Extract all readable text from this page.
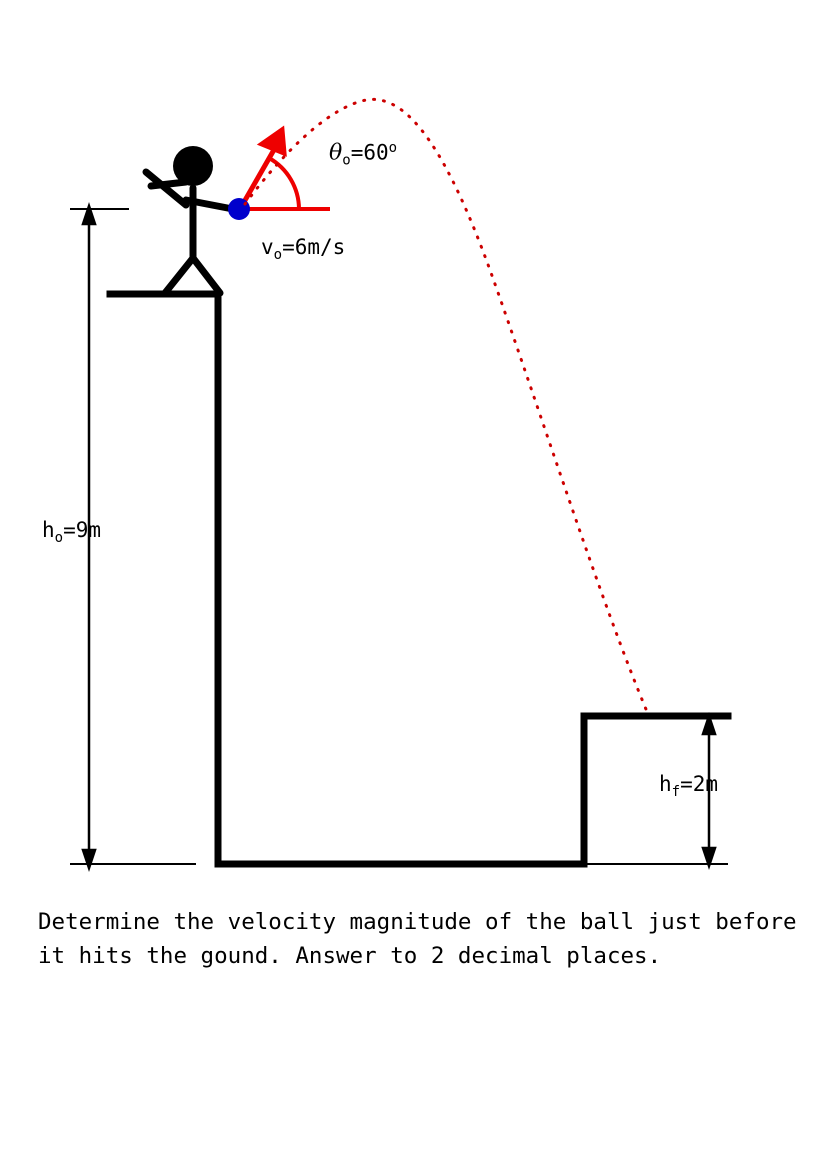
$\theta_o=60^o$
$v_o=6m/s$
$h_o=9m$
$h_f=2m$
Determine the velocity magnitude of the ball just before it hits the gound. Answer to 2 decimal places.
